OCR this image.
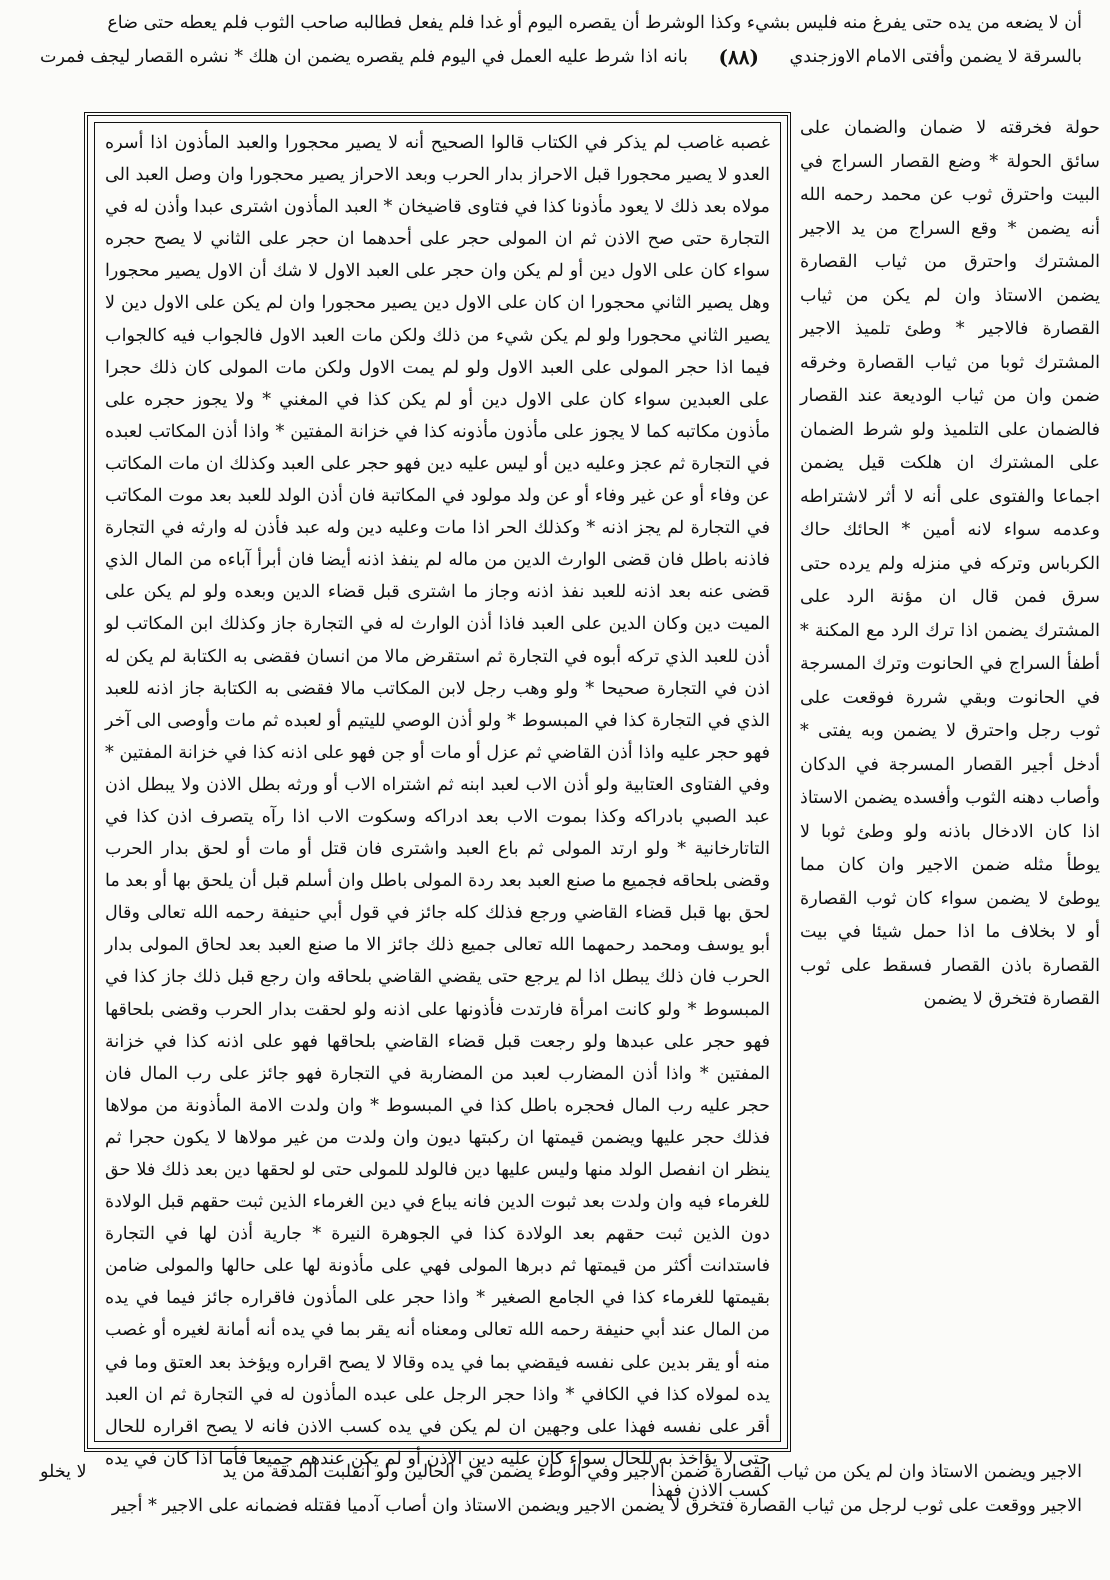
أن لا يضعه من يده حتى يفرغ منه فليس بشيء وكذا الوشرط أن يقصره اليوم أو غدا فلم يفعل فطالبه صاحب الثوب فلم يعطه حتى ضاع
بالسرقة لا يضمن وأفتى الامام الاوزجندي
(٨٨)
بانه اذا شرط عليه العمل في اليوم فلم يقصره يضمن ان هلك * نشره القصار ليجف فمرت
غصبه غاصب لم يذكر في الكتاب قالوا الصحيح أنه لا يصير محجورا والعبد المأذون اذا أسره العدو لا يصير محجورا قبل الاحراز بدار الحرب وبعد الاحراز يصير محجورا وان وصل العبد الى مولاه بعد ذلك لا يعود مأذونا كذا في فتاوى قاضيخان * العبد المأذون اشترى عبدا وأذن له في التجارة حتى صح الاذن ثم ان المولى حجر على أحدهما ان حجر على الثاني لا يصح حجره سواء كان على الاول دين أو لم يكن وان حجر على العبد الاول لا شك أن الاول يصير محجورا وهل يصير الثاني محجورا ان كان على الاول دين يصير محجورا وان لم يكن على الاول دين لا يصير الثاني محجورا ولو لم يكن شيء من ذلك ولكن مات العبد الاول فالجواب فيه كالجواب فيما اذا حجر المولى على العبد الاول ولو لم يمت الاول ولكن مات المولى كان ذلك حجرا على العبدين سواء كان على الاول دين أو لم يكن كذا في المغني * ولا يجوز حجره على مأذون مكاتبه كما لا يجوز على مأذون مأذونه كذا في خزانة المفتين * واذا أذن المكاتب لعبده في التجارة ثم عجز وعليه دين أو ليس عليه دين فهو حجر على العبد وكذلك ان مات المكاتب عن وفاء أو عن غير وفاء أو عن ولد مولود في المكاتبة فان أذن الولد للعبد بعد موت المكاتب في التجارة لم يجز اذنه * وكذلك الحر اذا مات وعليه دين وله عبد فأذن له وارثه في التجارة فاذنه باطل فان قضى الوارث الدين من ماله لم ينفذ اذنه أيضا فان أبرأ آباءه من المال الذي قضى عنه بعد اذنه للعبد نفذ اذنه وجاز ما اشترى قبل قضاء الدين وبعده ولو لم يكن على الميت دين وكان الدين على العبد فاذا أذن الوارث له في التجارة جاز وكذلك ابن المكاتب لو أذن للعبد الذي تركه أبوه في التجارة ثم استقرض مالا من انسان فقضى به الكتابة لم يكن له اذن في التجارة صحيحا * ولو وهب رجل لابن المكاتب مالا فقضى به الكتابة جاز اذنه للعبد الذي في التجارة كذا في المبسوط * ولو أذن الوصي لليتيم أو لعبده ثم مات وأوصى الى آخر فهو حجر عليه واذا أذن القاضي ثم عزل أو مات أو جن فهو على اذنه كذا في خزانة المفتين * وفي الفتاوى العتابية ولو أذن الاب لعبد ابنه ثم اشتراه الاب أو ورثه بطل الاذن ولا يبطل اذن عبد الصبي بادراكه وكذا بموت الاب بعد ادراكه وسكوت الاب اذا رآه يتصرف اذن كذا في التاتارخانية * ولو ارتد المولى ثم باع العبد واشترى فان قتل أو مات أو لحق بدار الحرب وقضى بلحاقه فجميع ما صنع العبد بعد ردة المولى باطل وان أسلم قبل أن يلحق بها أو بعد ما لحق بها قبل قضاء القاضي ورجع فذلك كله جائز في قول أبي حنيفة رحمه الله تعالى وقال أبو يوسف ومحمد رحمهما الله تعالى جميع ذلك جائز الا ما صنع العبد بعد لحاق المولى بدار الحرب فان ذلك يبطل اذا لم يرجع حتى يقضي القاضي بلحاقه وان رجع قبل ذلك جاز كذا في المبسوط * ولو كانت امرأة فارتدت فأذونها على اذنه ولو لحقت بدار الحرب وقضى بلحاقها فهو حجر على عبدها ولو رجعت قبل قضاء القاضي بلحاقها فهو على اذنه كذا في خزانة المفتين * واذا أذن المضارب لعبد من المضاربة في التجارة فهو جائز على رب المال فان حجر عليه رب المال فحجره باطل كذا في المبسوط * وان ولدت الامة المأذونة من مولاها فذلك حجر عليها ويضمن قيمتها ان ركبتها ديون وان ولدت من غير مولاها لا يكون حجرا ثم ينظر ان انفصل الولد منها وليس عليها دين فالولد للمولى حتى لو لحقها دين بعد ذلك فلا حق للغرماء فيه وان ولدت بعد ثبوت الدين فانه يباع في دين الغرماء الذين ثبت حقهم قبل الولادة دون الذين ثبت حقهم بعد الولادة كذا في الجوهرة النيرة * جارية أذن لها في التجارة فاستدانت أكثر من قيمتها ثم دبرها المولى فهي على مأذونة لها على حالها والمولى ضامن بقيمتها للغرماء كذا في الجامع الصغير * واذا حجر على المأذون فاقراره جائز فيما في يده من المال عند أبي حنيفة رحمه الله تعالى ومعناه أنه يقر بما في يده أنه أمانة لغيره أو غصب منه أو يقر بدين على نفسه فيقضي بما في يده وقالا لا يصح اقراره ويؤخذ بعد العتق وما في يده لمولاه كذا في الكافي * واذا حجر الرجل على عبده المأذون له في التجارة ثم ان العبد أقر على نفسه فهذا على وجهين ان لم يكن في يده كسب الاذن فانه لا يصح اقراره للحال حتى لا يؤاخذ به للحال سواء كان عليه دين الاذن أو لم يكن عندهم جميعا فأما اذا كان في يده كسب الاذن فهذا

حولة فخرقته لا ضمان والضمان على سائق الحولة * وضع القصار السراج في البيت واحترق ثوب عن محمد رحمه الله أنه يضمن * وقع السراج من يد الاجير المشترك واحترق من ثياب القصارة يضمن الاستاذ وان لم يكن من ثياب القصارة فالاجير * وطئ تلميذ الاجير المشترك ثوبا من ثياب القصارة وخرقه ضمن وان من ثياب الوديعة عند القصار فالضمان على التلميذ ولو شرط الضمان على المشترك ان هلكت قيل يضمن اجماعا والفتوى على أنه لا أثر لاشتراطه وعدمه سواء لانه أمين * الحائك حاك الكرباس وتركه في منزله ولم يرده حتى سرق فمن قال ان مؤنة الرد على المشترك يضمن اذا ترك الرد مع المكنة * أطفأ السراج في الحانوت وترك المسرجة في الحانوت وبقي شررة فوقعت على ثوب رجل واحترق لا يضمن وبه يفتى * أدخل أجير القصار المسرجة في الدكان وأصاب دهنه الثوب وأفسده يضمن الاستاذ اذا كان الادخال باذنه ولو وطئ ثوبا لا يوطأ مثله ضمن الاجير وان كان مما يوطئ لا يضمن سواء كان ثوب القصارة أو لا بخلاف ما اذا حمل شيئا في بيت القصارة باذن القصار فسقط على ثوب القصارة فتخرق لا يضمن

الاجير ويضمن الاستاذ وان لم يكن من ثياب القصارة ضمن الاجير وفي الوطء يضمن في الحالين ولو انقلبت المدقة من يد
لا يخلو
الاجير ووقعت على ثوب لرجل من ثياب القصارة فتخرق لا يضمن الاجير ويضمن الاستاذ وان أصاب آدميا فقتله فضمانه على الاجير * أجير
